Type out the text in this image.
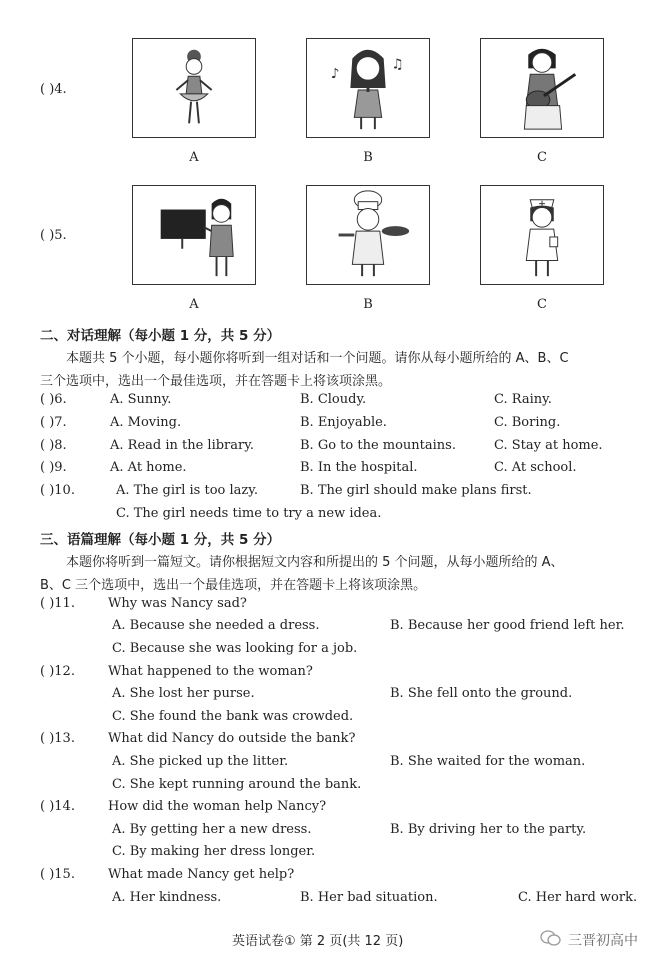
( )4.
♪
♫
A	B	C
( )5.
A	B	C
二、对话理解（每小题 1 分，共 5 分）
本题共 5 个小题，每小题你将听到一组对话和一个问题。请你从每小题所给的 A、B、C
三个选项中，选出一个最佳选项，并在答题卡上将该项涂黑。
( )6.	A. Sunny.	B. Cloudy.	C. Rainy.
( )7.	A. Moving.	B. Enjoyable.	C. Boring.
( )8.	A. Read in the library.	B. Go to the mountains.	C. Stay at home.
( )9.	A. At home.	B. In the hospital.	C. At school.
( )10.	A. The girl is too lazy.	B. The girl should make plans first.
C. The girl needs time to try a new idea.
三、语篇理解（每小题 1 分，共 5 分）
本题你将听到一篇短文。请你根据短文内容和所提出的 5 个问题，从每小题所给的 A、
B、C 三个选项中，选出一个最佳选项，并在答题卡上将该项涂黑。
( )11.	Why was Nancy sad?
A. Because she needed a dress.	B. Because her good friend left her.
C. Because she was looking for a job.
( )12.	What happened to the woman?
A. She lost her purse.	B. She fell onto the ground.
C. She found the bank was crowded.
( )13.	What did Nancy do outside the bank?
A. She picked up the litter.	B. She waited for the woman.
C. She kept running around the bank.
( )14.	How did the woman help Nancy?
A. By getting her a new dress.	B. By driving her to the party.
C. By making her dress longer.
( )15.	What made Nancy get help?
A. Her kindness.	B. Her bad situation.	C. Her hard work.
英语试卷① 第 2 页(共 12 页)	三晋初高中
